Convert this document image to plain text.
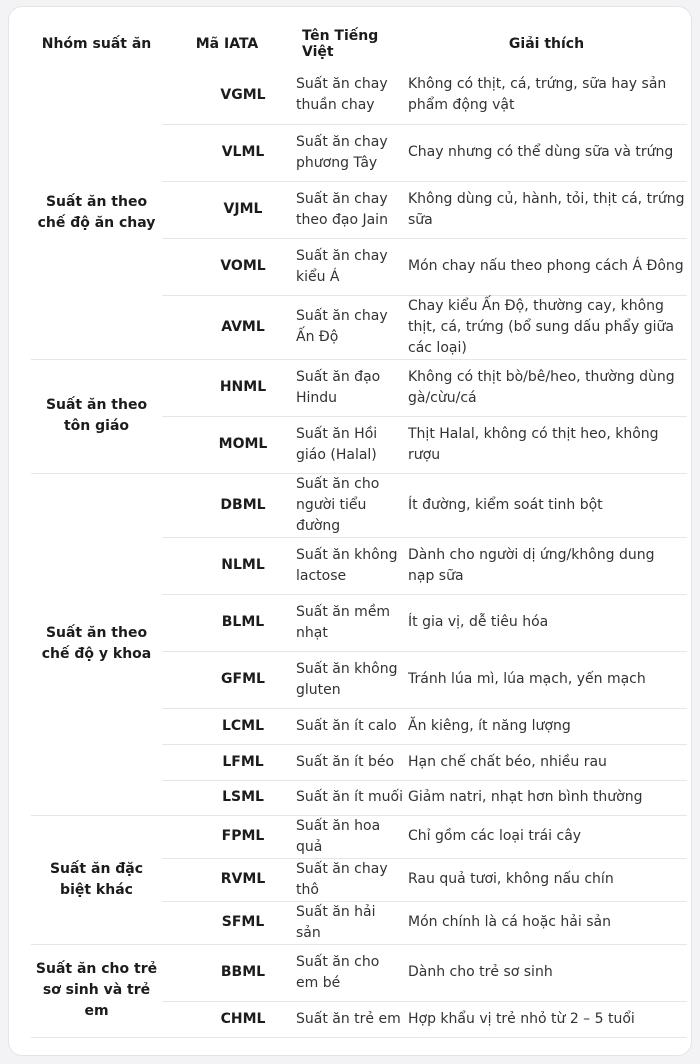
Nhóm suất ăn	Mã IATA	Tên Tiếng Việt	Giải thích
Suất ăn theo chế độ ăn chay	VGML	Suất ăn chay thuần chay	Không có thịt, cá, trứng, sữa hay sản phẩm động vật
	VLML	Suất ăn chay phương Tây	Chay nhưng có thể dùng sữa và trứng
	VJML	Suất ăn chay theo đạo Jain	Không dùng củ, hành, tỏi, thịt cá, trứng sữa
	VOML	Suất ăn chay kiểu Á	Món chay nấu theo phong cách Á Đông
	AVML	Suất ăn chay Ấn Độ	Chay kiểu Ấn Độ, thường cay, không thịt, cá, trứng (bổ sung dấu phẩy giữa các loại)
Suất ăn theo tôn giáo	HNML	Suất ăn đạo Hindu	Không có thịt bò/bê/heo, thường dùng gà/cừu/cá
	MOML	Suất ăn Hồi giáo (Halal)	Thịt Halal, không có thịt heo, không rượu
Suất ăn theo chế độ y khoa	DBML	Suất ăn cho người tiểu đường	Ít đường, kiểm soát tinh bột
	NLML	Suất ăn không lactose	Dành cho người dị ứng/không dung nạp sữa
	BLML	Suất ăn mềm nhạt	Ít gia vị, dễ tiêu hóa
	GFML	Suất ăn không gluten	Tránh lúa mì, lúa mạch, yến mạch
	LCML	Suất ăn ít calo	Ăn kiêng, ít năng lượng
	LFML	Suất ăn ít béo	Hạn chế chất béo, nhiều rau
	LSML	Suất ăn ít muối	Giảm natri, nhạt hơn bình thường
Suất ăn đặc biệt khác	FPML	Suất ăn hoa quả	Chỉ gồm các loại trái cây
	RVML	Suất ăn chay thô	Rau quả tươi, không nấu chín
	SFML	Suất ăn hải sản	Món chính là cá hoặc hải sản
Suất ăn cho trẻ sơ sinh và trẻ em	BBML	Suất ăn cho em bé	Dành cho trẻ sơ sinh
	CHML	Suất ăn trẻ em	Hợp khẩu vị trẻ nhỏ từ 2 – 5 tuổi
